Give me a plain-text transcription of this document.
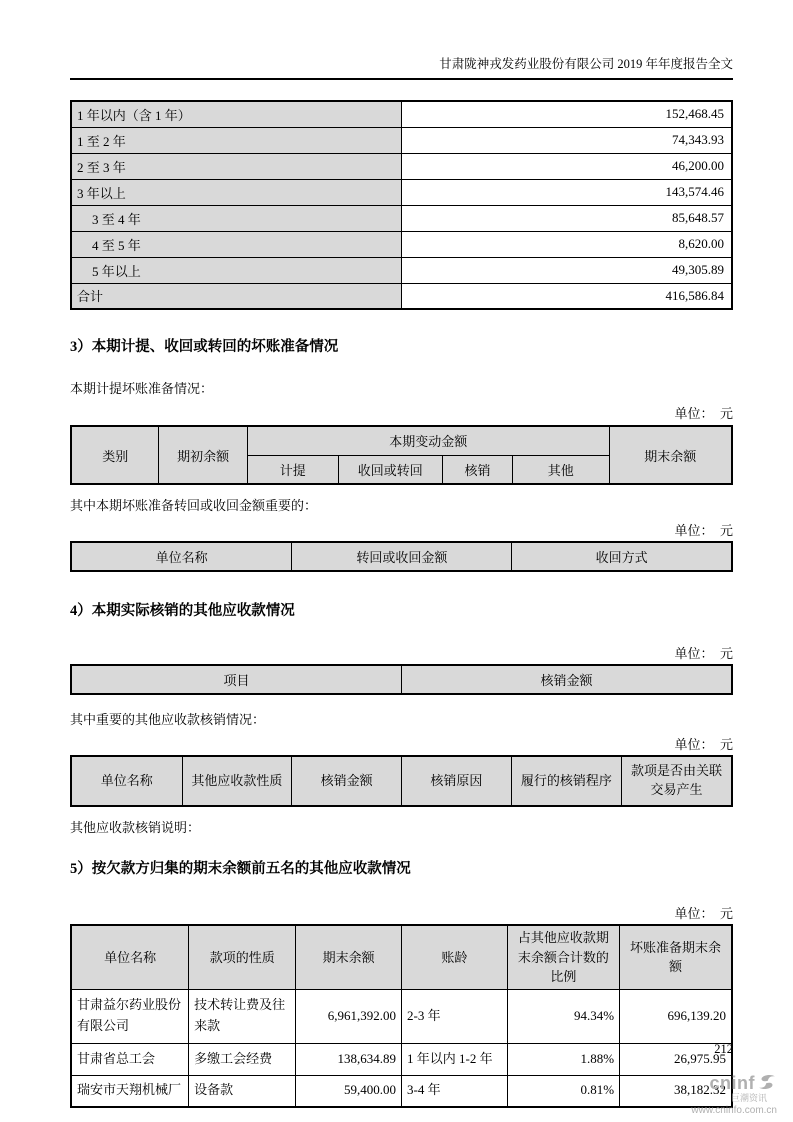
甘肃陇神戎发药业股份有限公司 2019 年年度报告全文
1 年以内（含 1 年）	152,468.45
1 至 2 年	74,343.93
2 至 3 年	46,200.00
3 年以上	143,574.46
3 至 4 年	85,648.57
4 至 5 年	8,620.00
5 年以上	49,305.89
合计	416,586.84
3）本期计提、收回或转回的坏账准备情况
本期计提坏账准备情况：
单位：　元
类别	期初余额	本期变动金额				期末余额
		计提	收回或转回	核销	其他	
其中本期坏账准备转回或收回金额重要的：
单位：　元
单位名称	转回或收回金额	收回方式
4）本期实际核销的其他应收款情况
单位：　元
项目	核销金额
其中重要的其他应收款核销情况：
单位：　元
单位名称	其他应收款性质	核销金额	核销原因	履行的核销程序	款项是否由关联交易产生
其他应收款核销说明：
5）按欠款方归集的期末余额前五名的其他应收款情况
单位：　元
单位名称	款项的性质	期末余额	账龄	占其他应收款期末余额合计数的比例	坏账准备期末余额
甘肃益尔药业股份有限公司	技术转让费及往来款	6,961,392.00	2-3 年	94.34%	696,139.20
甘肃省总工会	多缴工会经费	138,634.89	1 年以内 1-2 年	1.88%	26,975.95
瑞安市天翔机械厂	设备款	59,400.00	3-4 年	0.81%	38,182.32
212
cninf
巨潮资讯
www.cninfo.com.cn
